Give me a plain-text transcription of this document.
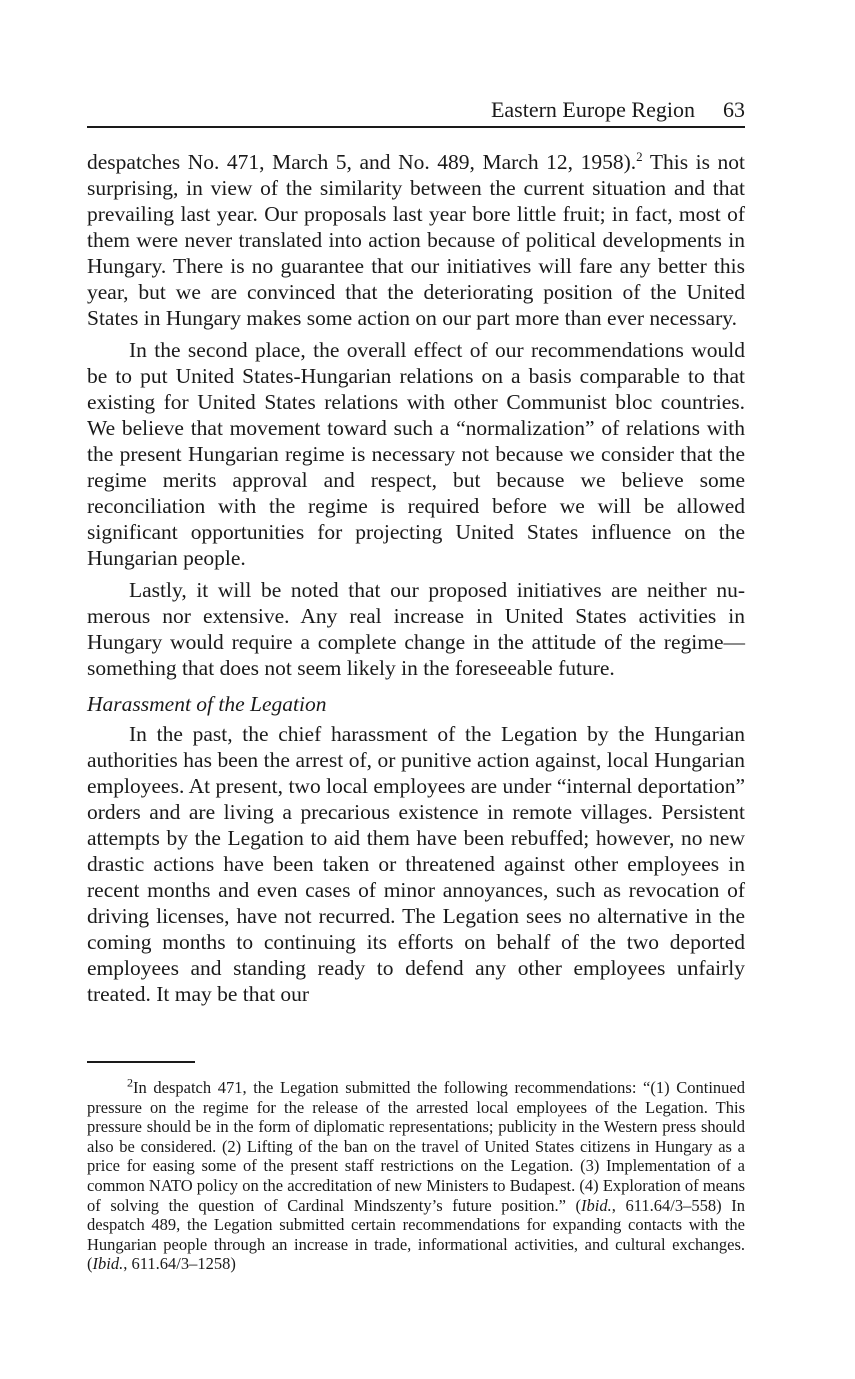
Eastern Europe Region 63

despatches No. 471, March 5, and No. 489, March 12, 1958).$^2$ This is not surprising, in view of the similarity between the current situation and that prevailing last year. Our proposals last year bore little fruit; in fact, most of them were never translated into action because of political developments in Hungary. There is no guarantee that our initiatives will fare any better this year, but we are convinced that the deteriorating position of the United States in Hungary makes some action on our part more than ever necessary.

In the second place, the overall effect of our recommendations would be to put United States-Hungarian relations on a basis comparable to that existing for United States relations with other Communist bloc countries. We believe that movement toward such a “normalization” of relations with the present Hungarian regime is necessary not because we consider that the regime merits approval and respect, but because we believe some reconciliation with the regime is required before we will be allowed significant opportunities for projecting United States influence on the Hungarian people.

Lastly, it will be noted that our proposed initiatives are neither numerous nor extensive. Any real increase in United States activities in Hungary would require a complete change in the attitude of the regime—something that does not seem likely in the foreseeable future.

Harassment of the Legation

In the past, the chief harassment of the Legation by the Hungarian authorities has been the arrest of, or punitive action against, local Hungarian employees. At present, two local employees are under “internal deportation” orders and are living a precarious existence in remote villages. Persistent attempts by the Legation to aid them have been rebuffed; however, no new drastic actions have been taken or threatened against other employees in recent months and even cases of minor annoyances, such as revocation of driving licenses, have not recurred. The Legation sees no alternative in the coming months to continuing its efforts on behalf of the two deported employees and standing ready to defend any other employees unfairly treated. It may be that our

$^2$In despatch 471, the Legation submitted the following recommendations: “(1) Continued pressure on the regime for the release of the arrested local employees of the Legation. This pressure should be in the form of diplomatic representations; publicity in the Western press should also be considered. (2) Lifting of the ban on the travel of United States citizens in Hungary as a price for easing some of the present staff restrictions on the Legation. (3) Implementation of a common NATO policy on the accreditation of new Ministers to Budapest. (4) Exploration of means of solving the question of Cardinal Mindszenty’s future position.” (Ibid., 611.64/3–558) In despatch 489, the Legation submitted certain recommendations for expanding contacts with the Hungarian people through an increase in trade, informational activities, and cultural exchanges. (Ibid., 611.64/3–1258)
